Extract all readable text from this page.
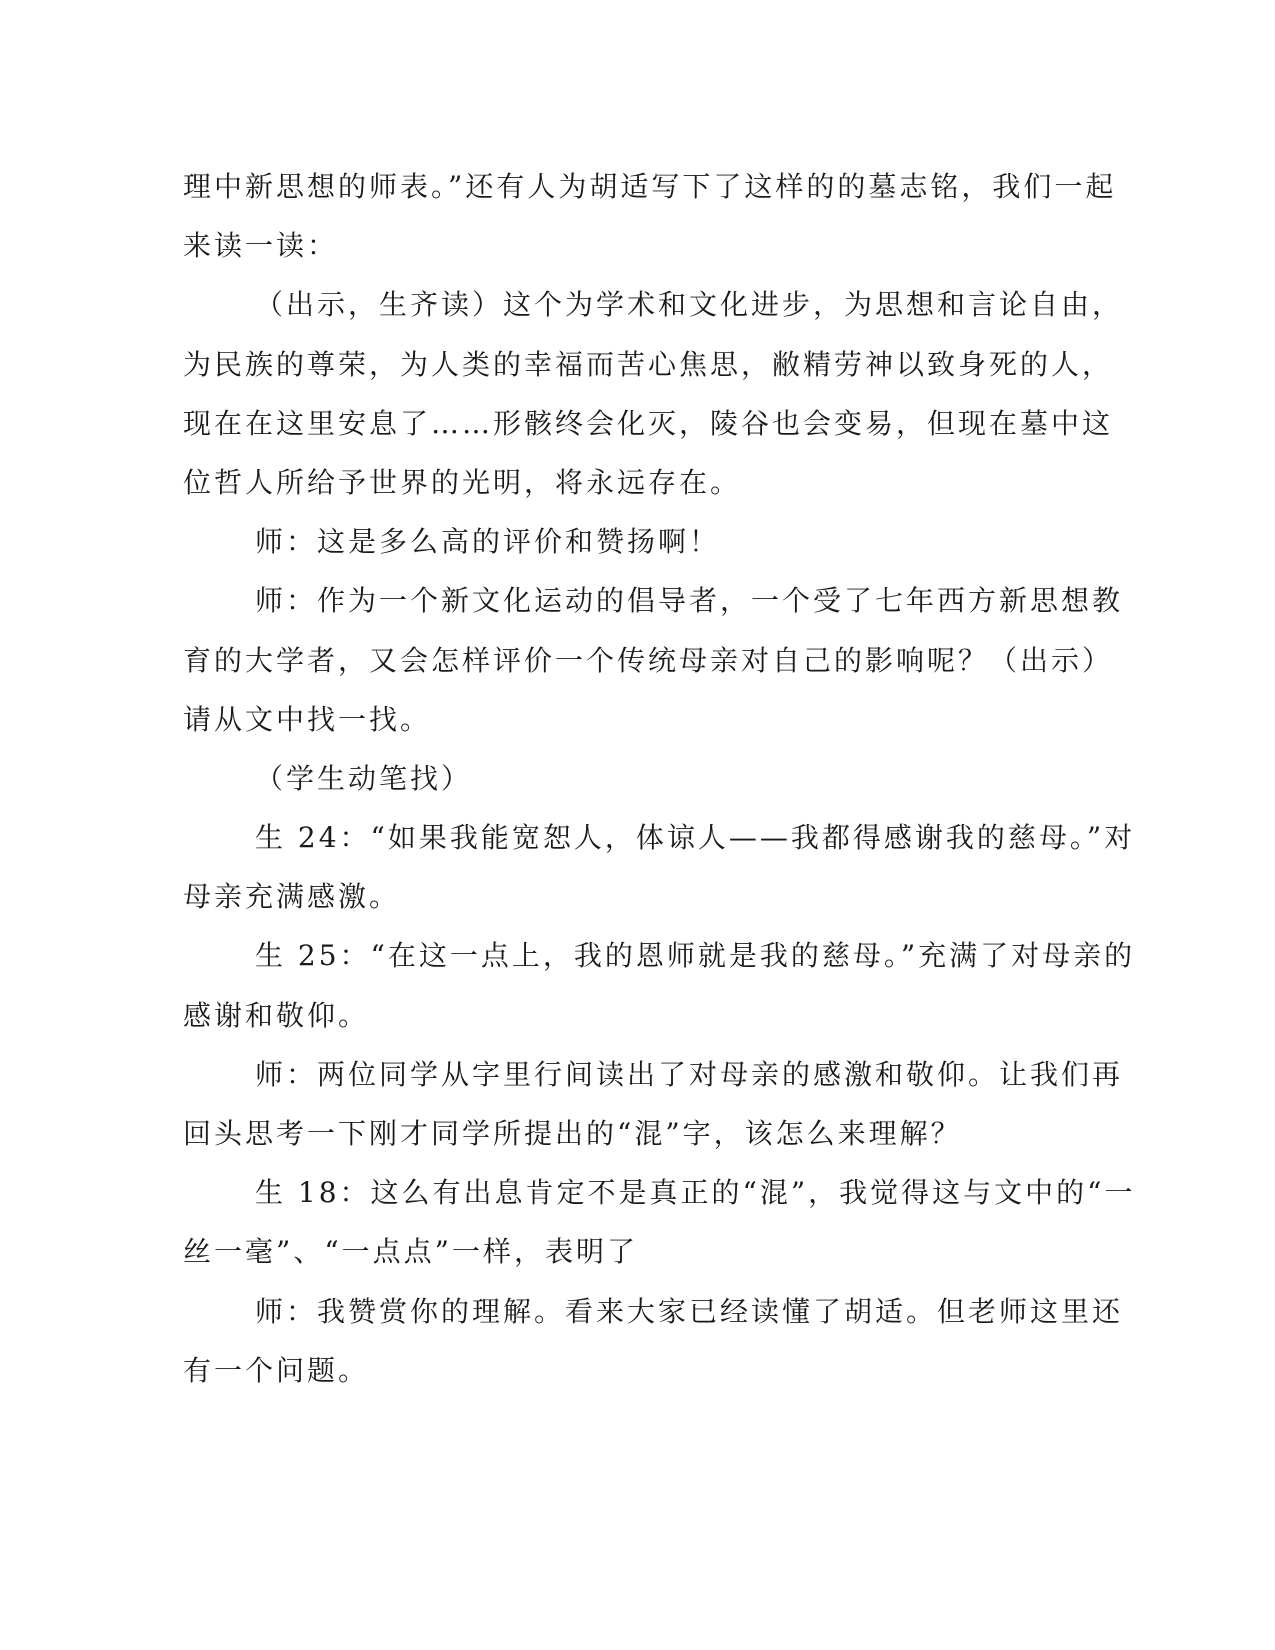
理中新思想的师表。”还有人为胡适写下了这样的的墓志铭，我们一起
来读一读：
（出示，生齐读）这个为学术和文化进步，为思想和言论自由，
为民族的尊荣，为人类的幸福而苦心焦思，敝精劳神以致身死的人，
现在在这里安息了……形骸终会化灭，陵谷也会变易，但现在墓中这
位哲人所给予世界的光明，将永远存在。
师：这是多么高的评价和赞扬啊！
师：作为一个新文化运动的倡导者，一个受了七年西方新思想教
育的大学者，又会怎样评价一个传统母亲对自己的影响呢？（出示）
请从文中找一找。
（学生动笔找）
生 24：“如果我能宽恕人，体谅人——我都得感谢我的慈母。”对
母亲充满感激。
生 25：“在这一点上，我的恩师就是我的慈母。”充满了对母亲的
感谢和敬仰。
师：两位同学从字里行间读出了对母亲的感激和敬仰。让我们再
回头思考一下刚才同学所提出的“混”字，该怎么来理解？
生 18：这么有出息肯定不是真正的“混”，我觉得这与文中的“一
丝一毫”、“一点点”一样，表明了
师：我赞赏你的理解。看来大家已经读懂了胡适。但老师这里还
有一个问题。
